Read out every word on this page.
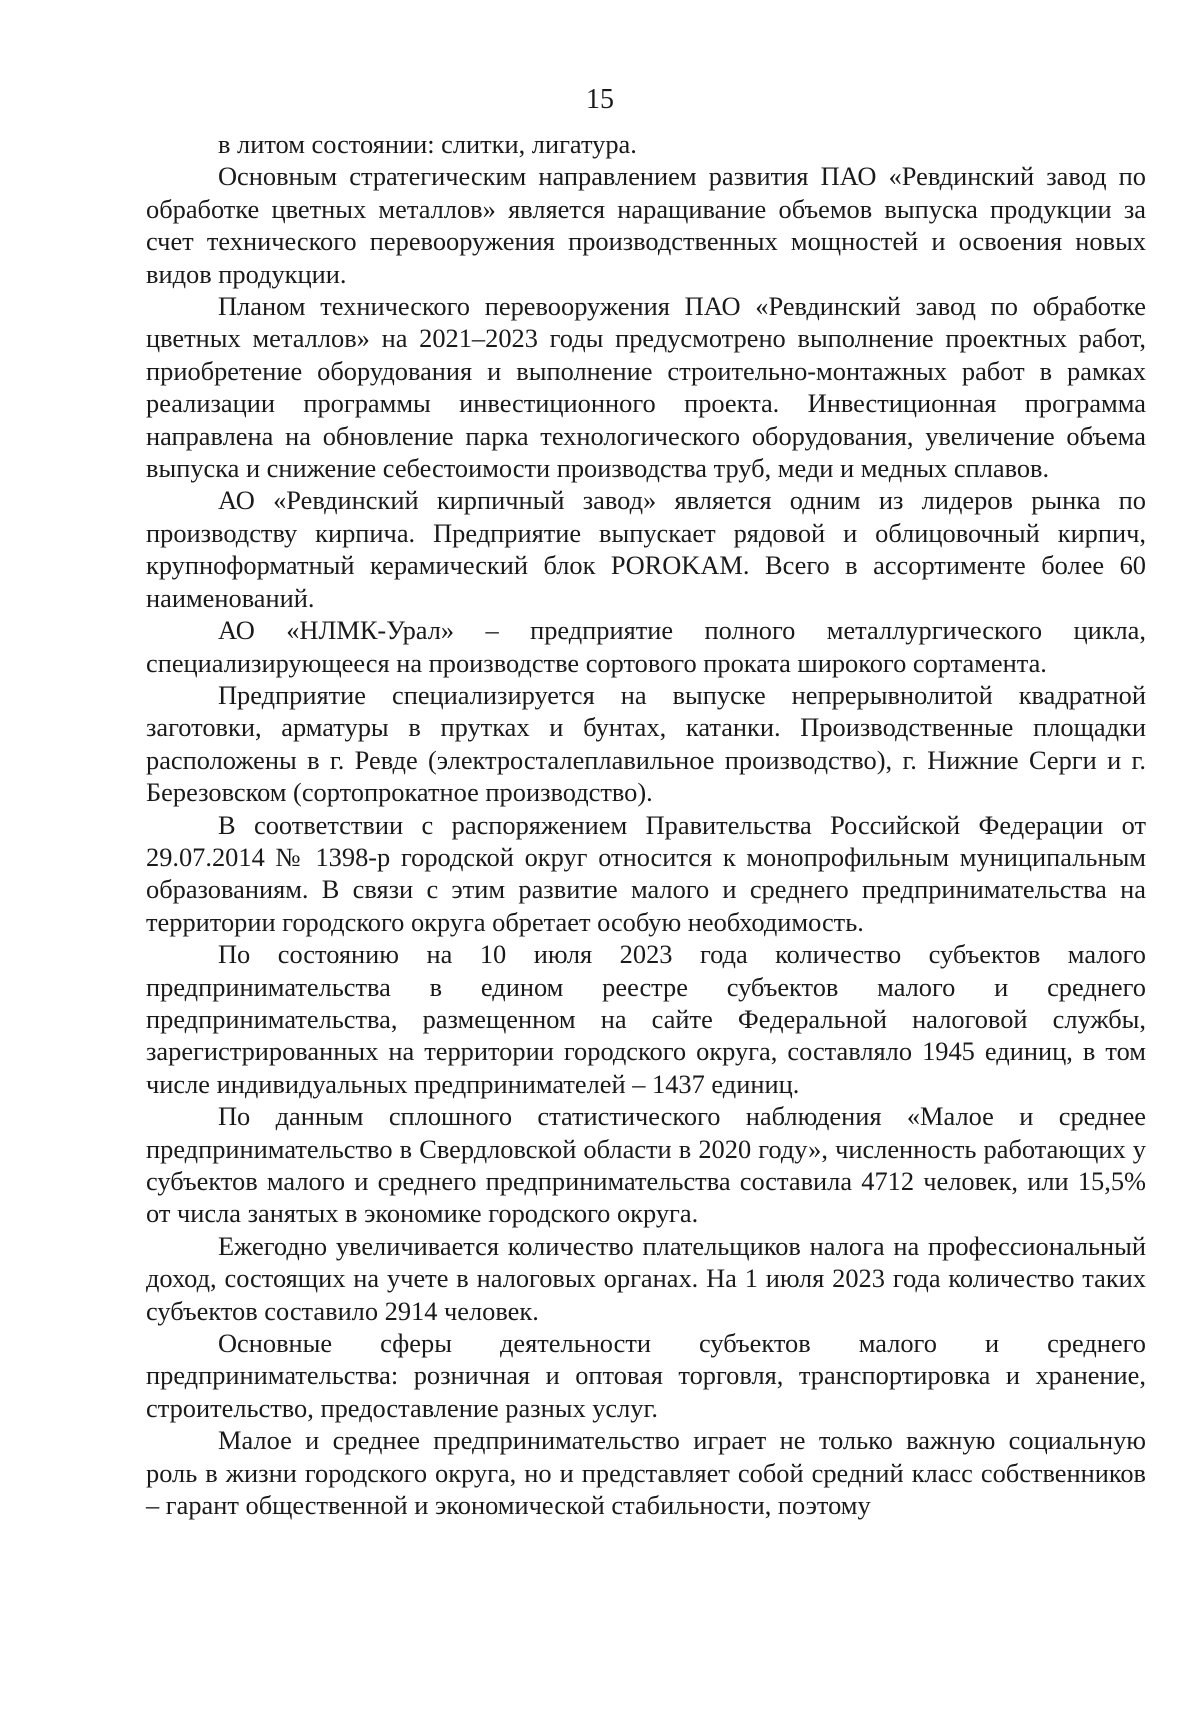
15

в литом состоянии: слитки, лигатура.

Основным стратегическим направлением развития ПАО «Ревдинский завод по обработке цветных металлов» является наращивание объемов выпуска продукции за счет технического перевооружения производственных мощностей и освоения новых видов продукции.

Планом технического перевооружения ПАО «Ревдинский завод по обработке цветных металлов» на 2021–2023 годы предусмотрено выполнение проектных работ, приобретение оборудования и выполнение строительно-монтажных работ в рамках реализации программы инвестиционного проекта. Инвестиционная программа направлена на обновление парка технологического оборудования, увеличение объема выпуска и снижение себестоимости производства труб, меди и медных сплавов.

АО «Ревдинский кирпичный завод» является одним из лидеров рынка по производству кирпича. Предприятие выпускает рядовой и облицовочный кирпич, крупноформатный керамический блок POROKAM. Всего в ассортименте более 60 наименований.

АО «НЛМК-Урал» – предприятие полного металлургического цикла, специализирующееся на производстве сортового проката широкого сортамента.

Предприятие специализируется на выпуске непрерывнолитой квадратной заготовки, арматуры в прутках и бунтах, катанки. Производственные площадки расположены в г. Ревде (электросталеплавильное производство), г. Нижние Серги и г. Березовском (сортопрокатное производство).

В соответствии с распоряжением Правительства Российской Федерации от 29.07.2014 № 1398-р городской округ относится к монопрофильным муниципальным образованиям. В связи с этим развитие малого и среднего предпринимательства на территории городского округа обретает особую необходимость.

По состоянию на 10 июля 2023 года количество субъектов малого предпринимательства в едином реестре субъектов малого и среднего предпринимательства, размещенном на сайте Федеральной налоговой службы, зарегистрированных на территории городского округа, составляло 1945 единиц, в том числе индивидуальных предпринимателей – 1437 единиц.

По данным сплошного статистического наблюдения «Малое и среднее предпринимательство в Свердловской области в 2020 году», численность работающих у субъектов малого и среднего предпринимательства составила 4712 человек, или 15,5% от числа занятых в экономике городского округа.

Ежегодно увеличивается количество плательщиков налога на профессиональный доход, состоящих на учете в налоговых органах. На 1 июля 2023 года количество таких субъектов составило 2914 человек.

Основные сферы деятельности субъектов малого и среднего предпринимательства: розничная и оптовая торговля, транспортировка и хранение, строительство, предоставление разных услуг.

Малое и среднее предпринимательство играет не только важную социальную роль в жизни городского округа, но и представляет собой средний класс собственников – гарант общественной и экономической стабильности, поэтому
